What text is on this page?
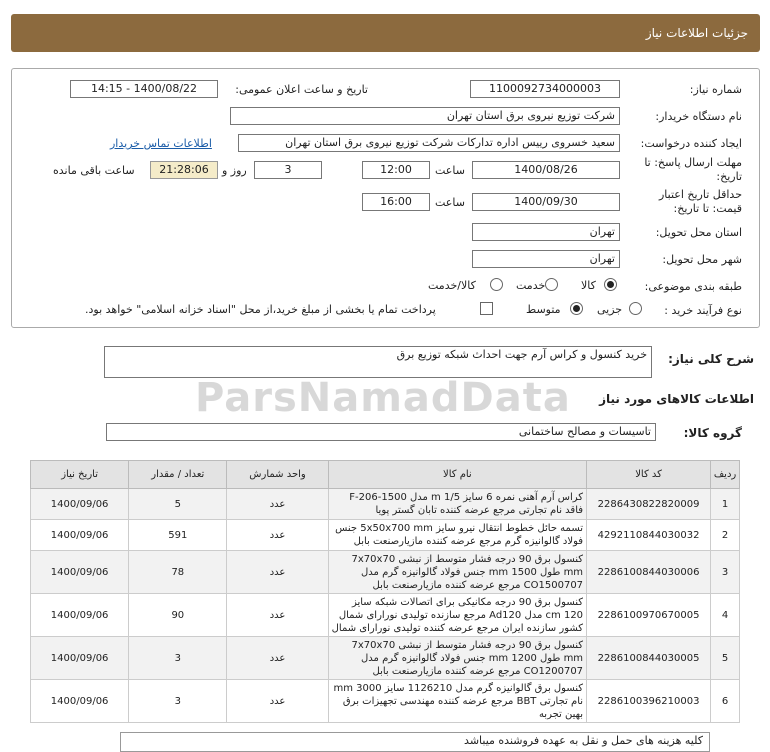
جزئیات اطلاعات نیاز
شماره نیاز:
1100092734000003
تاریخ و ساعت اعلان عمومی:
1400/08/22 - 14:15
نام دستگاه خریدار:
شرکت توزیع نیروی برق استان تهران
ایجاد کننده درخواست:
سعید خسروی رییس اداره تدارکات شرکت توزیع نیروی برق استان تهران
اطلاعات تماس خریدار
مهلت ارسال پاسخ: تا تاریخ:
1400/08/26
ساعت
12:00
3
روز و
21:28:06
ساعت باقی مانده
حداقل تاریخ اعتبار قیمت: تا تاریخ:
1400/09/30
ساعت
16:00
استان محل تحویل:
تهران
شهر محل تحویل:
تهران
طبقه بندی موضوعی:
کالا
خدمت
کالا/خدمت
نوع فرآیند خرید :
جزیی
متوسط
پرداخت تمام یا بخشی از مبلغ خرید،از محل "اسناد خزانه اسلامی" خواهد بود.
شرح کلی نیاز:
خرید کنسول و کراس آرم جهت احداث شبکه توزیع برق
ParsNamadData اطلاعات کالاهای مورد نیاز
گروه کالا:
تاسیسات و مصالح ساختمانی
ردیف	کد کالا	نام کالا	واحد شمارش	تعداد / مقدار	تاریخ نیاز
1	2286430822820009	کراس آرم آهنی نمره 6 سایز m 1/5 مدل F-206-1500 فاقد نام تجارتی مرجع عرضه کننده تابان گستر پویا	عدد	5	1400/09/06
2	4292110844030032	تسمه حائل خطوط انتقال نیرو سایز 5x50x700 mm جنس فولاد گالوانیزه گرم مرجع عرضه کننده مازیارصنعت بابل	عدد	591	1400/09/06
3	2286100844030006	کنسول برق 90 درجه فشار متوسط از نبشی 7x70x70 mm طول 1500 mm جنس فولاد گالوانیزه گرم مدل CO1500707 مرجع عرضه کننده مازیارصنعت بابل	عدد	78	1400/09/06
4	2286100970670005	کنسول برق 90 درجه مکانیکی برای اتصالات شبکه سایز 120 cm مدل Ad120 مرجع سازنده تولیدی نورارای شمال کشور سازنده ایران مرجع عرضه کننده تولیدی نورارای شمال	عدد	90	1400/09/06
5	2286100844030005	کنسول برق 90 درجه فشار متوسط از نبشی 7x70x70 mm طول 1200 mm جنس فولاد گالوانیزه گرم مدل CO1200707 مرجع عرضه کننده مازیارصنعت بابل	عدد	3	1400/09/06
6	2286100396210003	کنسول برق گالوانیزه گرم مدل 1126210 سایز 3000 mm نام تجارتی BBT مرجع عرضه کننده مهندسی تجهیزات برق بهین تجربه	عدد	3	1400/09/06
کلیه هزینه های حمل و نقل به عهده فروشنده میباشد
